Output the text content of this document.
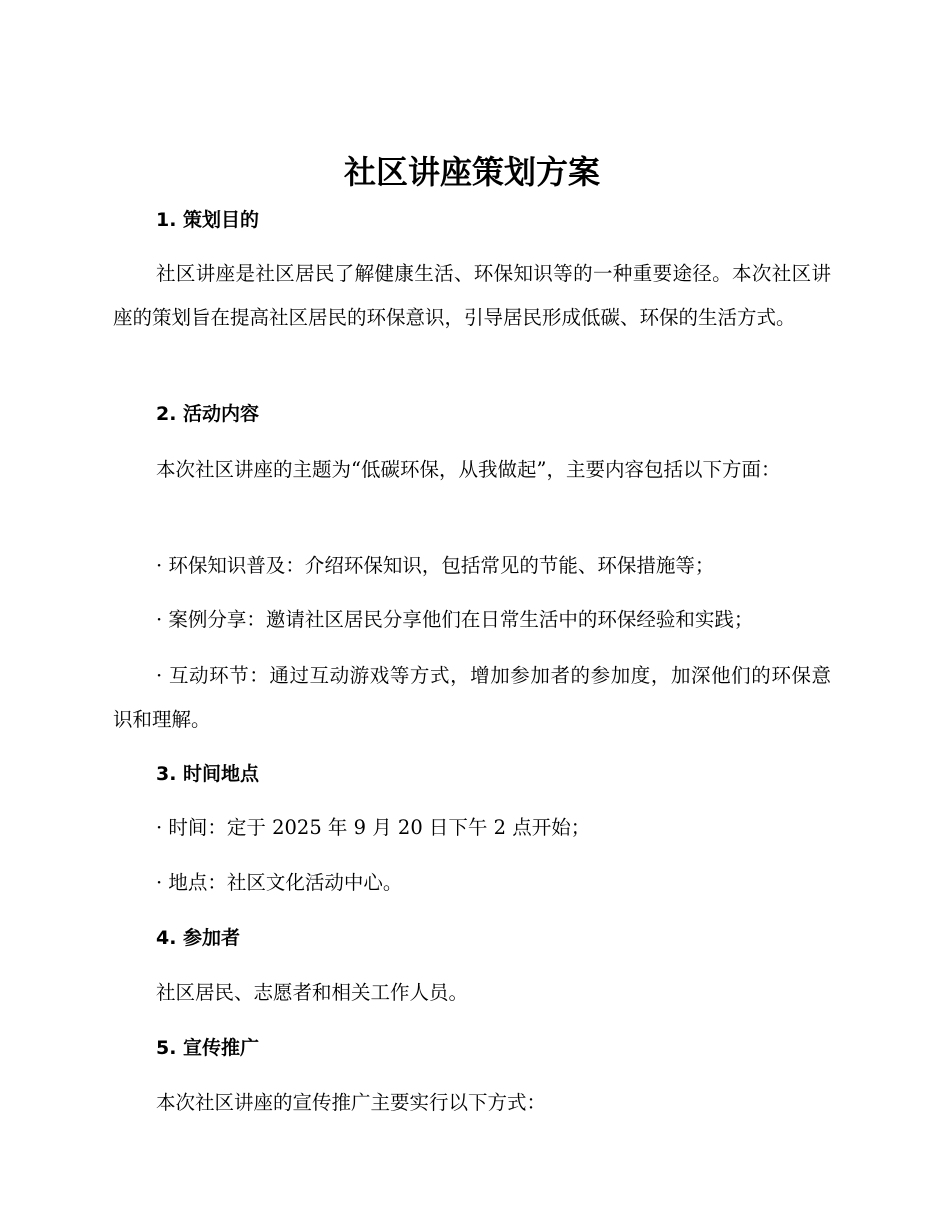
社区讲座策划方案
1. 策划目的
社区讲座是社区居民了解健康生活、环保知识等的一种重要途径。本次社区讲座的策划旨在提高社区居民的环保意识，引导居民形成低碳、环保的生活方式。
2. 活动内容
本次社区讲座的主题为“低碳环保，从我做起”，主要内容包括以下方面：
· 环保知识普及：介绍环保知识，包括常见的节能、环保措施等；
· 案例分享：邀请社区居民分享他们在日常生活中的环保经验和实践；
· 互动环节：通过互动游戏等方式，增加参加者的参加度，加深他们的环保意识和理解。
3. 时间地点
· 时间：定于 2025 年 9 月 20 日下午 2 点开始；
· 地点：社区文化活动中心。
4. 参加者
社区居民、志愿者和相关工作人员。
5. 宣传推广
本次社区讲座的宣传推广主要实行以下方式：
